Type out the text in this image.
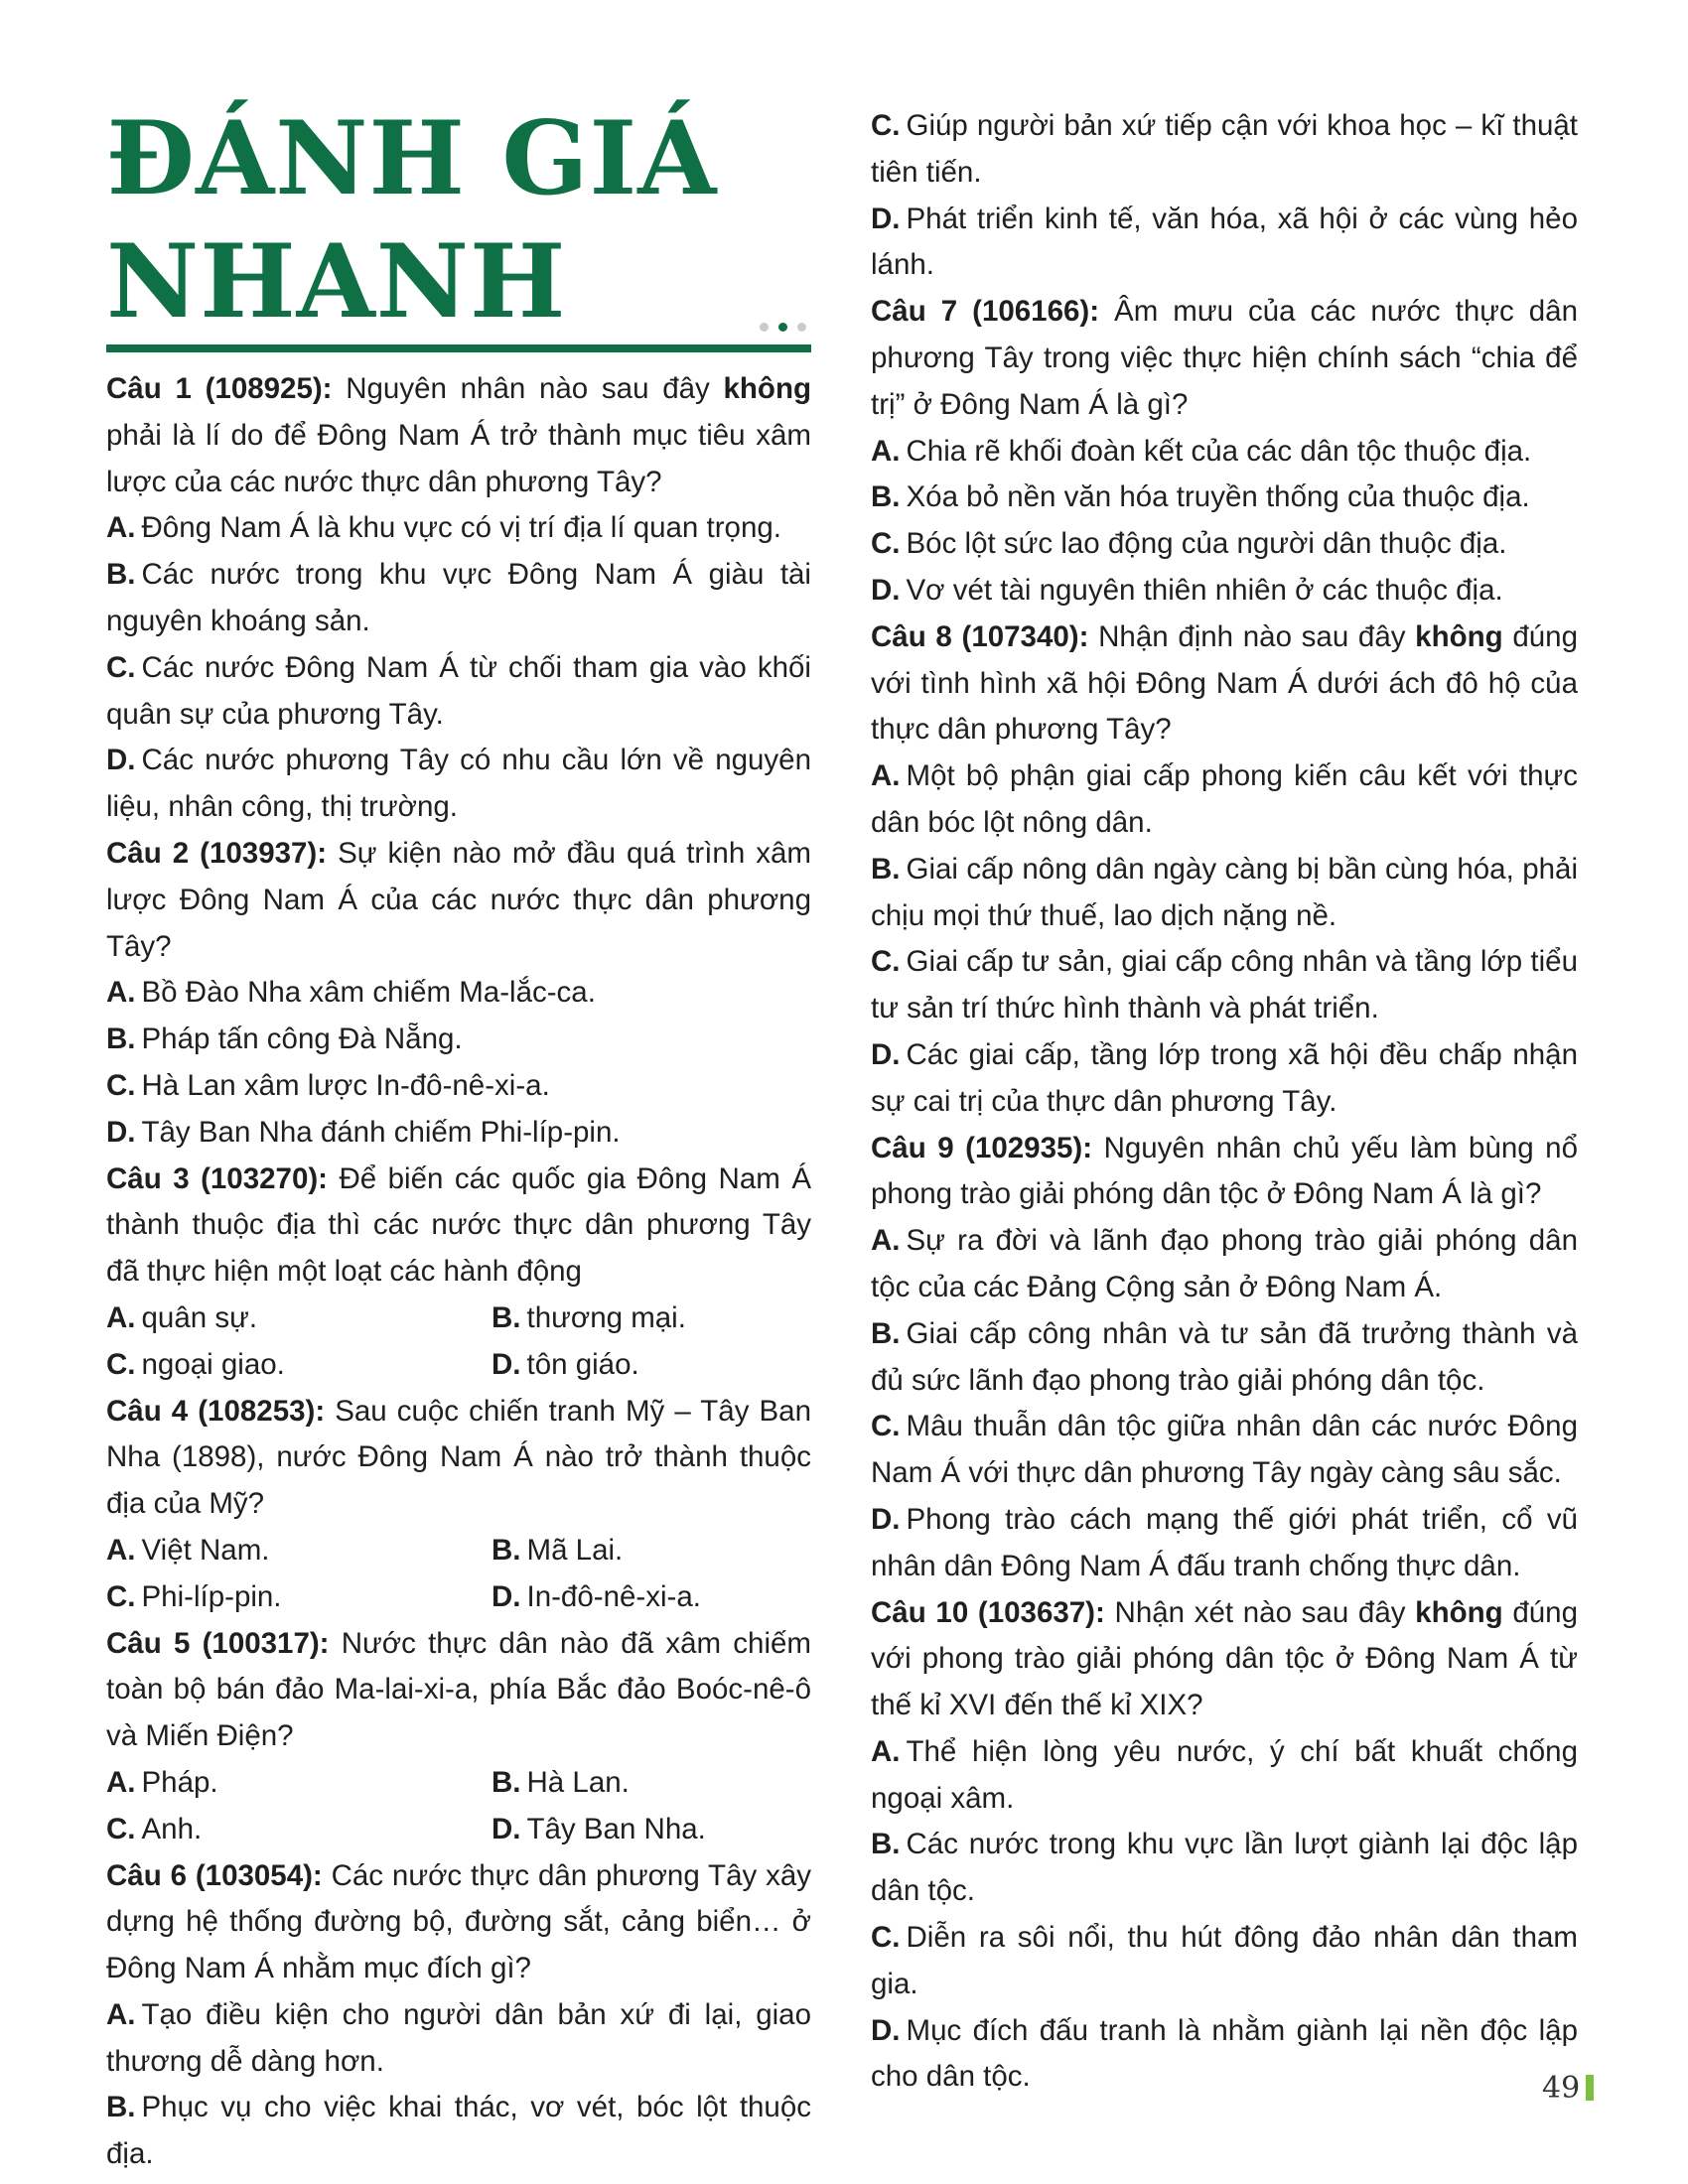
ĐÁNH GIÁ
NHANH

Câu 1 (108925): Nguyên nhân nào sau đây không phải là lí do để Đông Nam Á trở thành mục tiêu xâm lược của các nước thực dân phương Tây?

A. Đông Nam Á là khu vực có vị trí địa lí quan trọng.

B. Các nước trong khu vực Đông Nam Á giàu tài nguyên khoáng sản.

C. Các nước Đông Nam Á từ chối tham gia vào khối quân sự của phương Tây.

D. Các nước phương Tây có nhu cầu lớn về nguyên liệu, nhân công, thị trường.

Câu 2 (103937): Sự kiện nào mở đầu quá trình xâm lược Đông Nam Á của các nước thực dân phương Tây?

A. Bồ Đào Nha xâm chiếm Ma-lắc-ca.

B. Pháp tấn công Đà Nẵng.

C. Hà Lan xâm lược In-đô-nê-xi-a.

D. Tây Ban Nha đánh chiếm Phi-líp-pin.

Câu 3 (103270): Để biến các quốc gia Đông Nam Á thành thuộc địa thì các nước thực dân phương Tây đã thực hiện một loạt các hành động

A. quân sự.	B. thương mại.

C. ngoại giao.	D. tôn giáo.

Câu 4 (108253): Sau cuộc chiến tranh Mỹ – Tây Ban Nha (1898), nước Đông Nam Á nào trở thành thuộc địa của Mỹ?

A. Việt Nam.	B. Mã Lai.

C. Phi-líp-pin.	D. In-đô-nê-xi-a.

Câu 5 (100317): Nước thực dân nào đã xâm chiếm toàn bộ bán đảo Ma-lai-xi-a, phía Bắc đảo Boóc-nê-ô và Miến Điện?

A. Pháp.	B. Hà Lan.

C. Anh.	D. Tây Ban Nha.

Câu 6 (103054): Các nước thực dân phương Tây xây dựng hệ thống đường bộ, đường sắt, cảng biển… ở Đông Nam Á nhằm mục đích gì?

A. Tạo điều kiện cho người dân bản xứ đi lại, giao thương dễ dàng hơn.

B. Phục vụ cho việc khai thác, vơ vét, bóc lột thuộc địa.

C. Giúp người bản xứ tiếp cận với khoa học – kĩ thuật tiên tiến.

D. Phát triển kinh tế, văn hóa, xã hội ở các vùng hẻo lánh.

Câu 7 (106166): Âm mưu của các nước thực dân phương Tây trong việc thực hiện chính sách “chia để trị” ở Đông Nam Á là gì?

A. Chia rẽ khối đoàn kết của các dân tộc thuộc địa.

B. Xóa bỏ nền văn hóa truyền thống của thuộc địa.

C. Bóc lột sức lao động của người dân thuộc địa.

D. Vơ vét tài nguyên thiên nhiên ở các thuộc địa.

Câu 8 (107340): Nhận định nào sau đây không đúng với tình hình xã hội Đông Nam Á dưới ách đô hộ của thực dân phương Tây?

A. Một bộ phận giai cấp phong kiến câu kết với thực dân bóc lột nông dân.

B. Giai cấp nông dân ngày càng bị bần cùng hóa, phải chịu mọi thứ thuế, lao dịch nặng nề.

C. Giai cấp tư sản, giai cấp công nhân và tầng lớp tiểu tư sản trí thức hình thành và phát triển.

D. Các giai cấp, tầng lớp trong xã hội đều chấp nhận sự cai trị của thực dân phương Tây.

Câu 9 (102935): Nguyên nhân chủ yếu làm bùng nổ phong trào giải phóng dân tộc ở Đông Nam Á là gì?

A. Sự ra đời và lãnh đạo phong trào giải phóng dân tộc của các Đảng Cộng sản ở Đông Nam Á.

B. Giai cấp công nhân và tư sản đã trưởng thành và đủ sức lãnh đạo phong trào giải phóng dân tộc.

C. Mâu thuẫn dân tộc giữa nhân dân các nước Đông Nam Á với thực dân phương Tây ngày càng sâu sắc.

D. Phong trào cách mạng thế giới phát triển, cổ vũ nhân dân Đông Nam Á đấu tranh chống thực dân.

Câu 10 (103637): Nhận xét nào sau đây không đúng với phong trào giải phóng dân tộc ở Đông Nam Á từ thế kỉ XVI đến thế kỉ XIX?

A. Thể hiện lòng yêu nước, ý chí bất khuất chống ngoại xâm.

B. Các nước trong khu vực lần lượt giành lại độc lập dân tộc.

C. Diễn ra sôi nổi, thu hút đông đảo nhân dân tham gia.

D. Mục đích đấu tranh là nhằm giành lại nền độc lập cho dân tộc.	49
